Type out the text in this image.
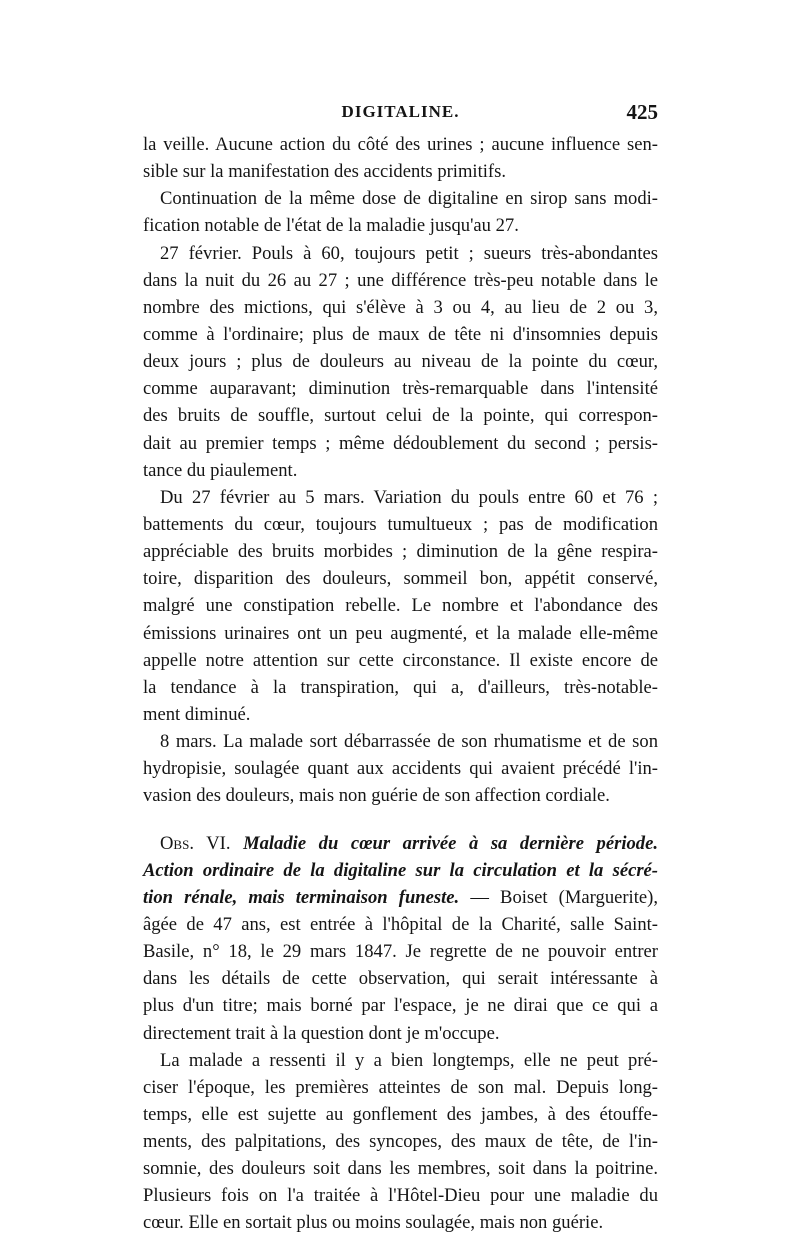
DIGITALINE.	425

la veille. Aucune action du côté des urines ; aucune influence sen-
sible sur la manifestation des accidents primitifs.

Continuation de la même dose de digitaline en sirop sans modi-
fication notable de l'état de la maladie jusqu'au 27.

27 février. Pouls à 60, toujours petit ; sueurs très-abondantes
dans la nuit du 26 au 27 ; une différence très-peu notable dans le
nombre des mictions, qui s'élève à 3 ou 4, au lieu de 2 ou 3,
comme à l'ordinaire; plus de maux de tête ni d'insomnies depuis
deux jours ; plus de douleurs au niveau de la pointe du cœur,
comme auparavant; diminution très-remarquable dans l'intensité
des bruits de souffle, surtout celui de la pointe, qui correspon-
dait au premier temps ; même dédoublement du second ; persis-
tance du piaulement.

Du 27 février au 5 mars. Variation du pouls entre 60 et 76 ;
battements du cœur, toujours tumultueux ; pas de modification
appréciable des bruits morbides ; diminution de la gêne respira-
toire, disparition des douleurs, sommeil bon, appétit conservé,
malgré une constipation rebelle. Le nombre et l'abondance des
émissions urinaires ont un peu augmenté, et la malade elle-même
appelle notre attention sur cette circonstance. Il existe encore de
la tendance à la transpiration, qui a, d'ailleurs, très-notable-
ment diminué.

8 mars. La malade sort débarrassée de son rhumatisme et de son
hydropisie, soulagée quant aux accidents qui avaient précédé l'in-
vasion des douleurs, mais non guérie de son affection cordiale.

Obs. VI. Maladie du cœur arrivée à sa dernière période.
Action ordinaire de la digitaline sur la circulation et la sécré-
tion rénale, mais terminaison funeste. — Boiset (Marguerite),
âgée de 47 ans, est entrée à l'hôpital de la Charité, salle Saint-
Basile, n° 18, le 29 mars 1847. Je regrette de ne pouvoir entrer
dans les détails de cette observation, qui serait intéressante à
plus d'un titre; mais borné par l'espace, je ne dirai que ce qui a
directement trait à la question dont je m'occupe.

La malade a ressenti il y a bien longtemps, elle ne peut pré-
ciser l'époque, les premières atteintes de son mal. Depuis long-
temps, elle est sujette au gonflement des jambes, à des étouffe-
ments, des palpitations, des syncopes, des maux de tête, de l'in-
somnie, des douleurs soit dans les membres, soit dans la poitrine.
Plusieurs fois on l'a traitée à l'Hôtel-Dieu pour une maladie du
cœur. Elle en sortait plus ou moins soulagée, mais non guérie.
